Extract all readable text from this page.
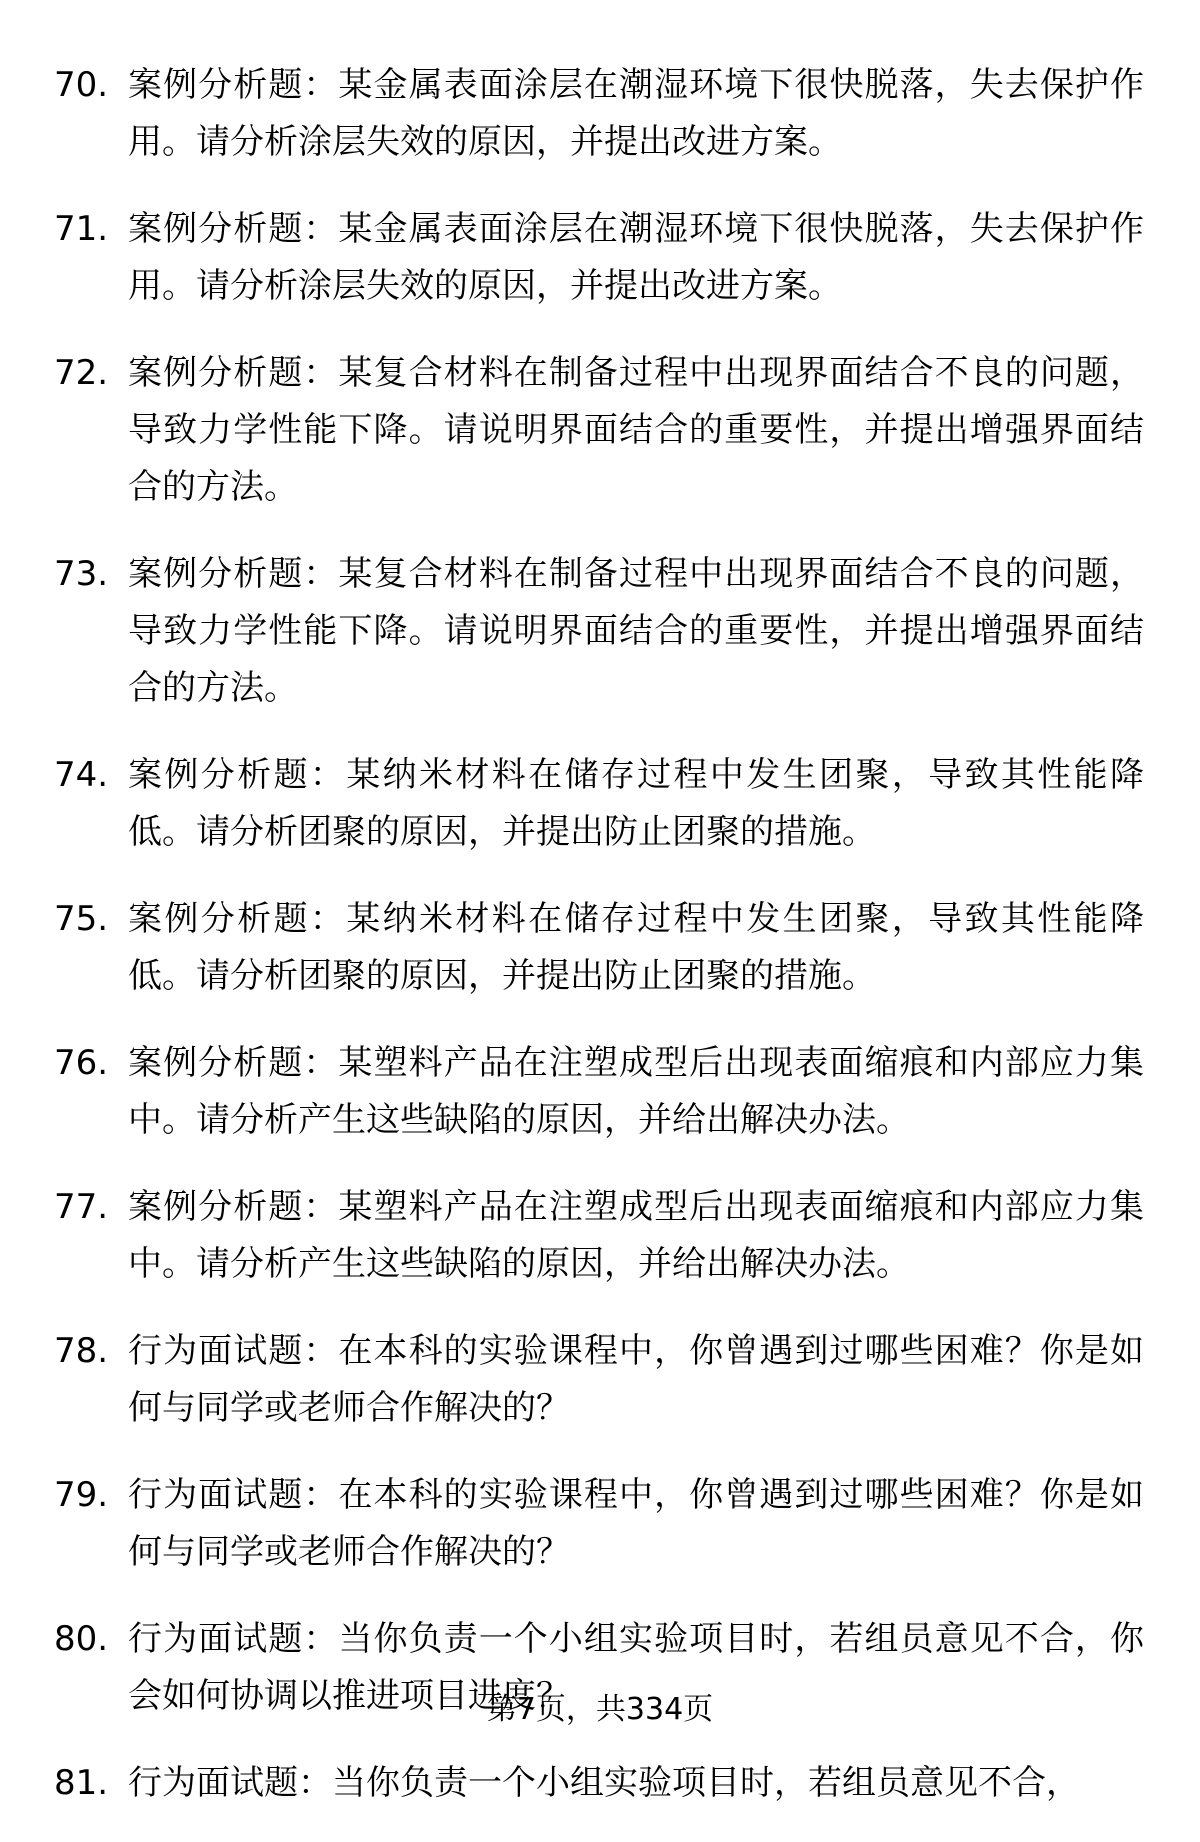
70. 案例分析题：某金属表面涂层在潮湿环境下很快脱落，失去保护作用。请分析涂层失效的原因，并提出改进方案。
71. 案例分析题：某金属表面涂层在潮湿环境下很快脱落，失去保护作用。请分析涂层失效的原因，并提出改进方案。
72. 案例分析题：某复合材料在制备过程中出现界面结合不良的问题，导致力学性能下降。请说明界面结合的重要性，并提出增强界面结合的方法。
73. 案例分析题：某复合材料在制备过程中出现界面结合不良的问题，导致力学性能下降。请说明界面结合的重要性，并提出增强界面结合的方法。
74. 案例分析题：某纳米材料在储存过程中发生团聚，导致其性能降低。请分析团聚的原因，并提出防止团聚的措施。
75. 案例分析题：某纳米材料在储存过程中发生团聚，导致其性能降低。请分析团聚的原因，并提出防止团聚的措施。
76. 案例分析题：某塑料产品在注塑成型后出现表面缩痕和内部应力集中。请分析产生这些缺陷的原因，并给出解决办法。
77. 案例分析题：某塑料产品在注塑成型后出现表面缩痕和内部应力集中。请分析产生这些缺陷的原因，并给出解决办法。
78. 行为面试题：在本科的实验课程中，你曾遇到过哪些困难？你是如何与同学或老师合作解决的？
79. 行为面试题：在本科的实验课程中，你曾遇到过哪些困难？你是如何与同学或老师合作解决的？
80. 行为面试题：当你负责一个小组实验项目时，若组员意见不合，你会如何协调以推进项目进度？
81. 行为面试题：当你负责一个小组实验项目时，若组员意见不合，
第7页，共334页
